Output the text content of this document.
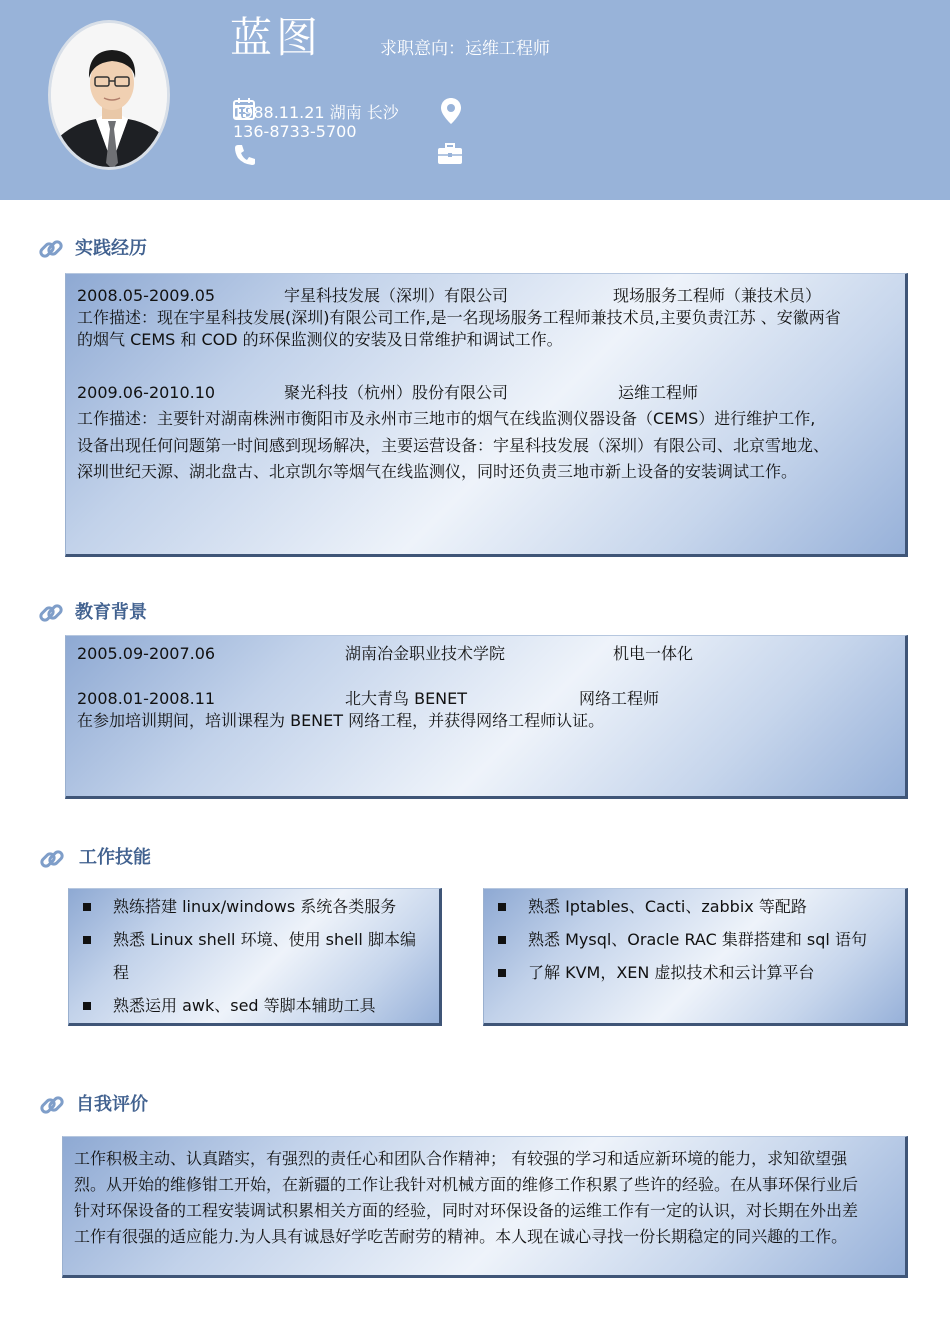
蓝图	求职意向：运维工程师
1988.11.21 湖南 长沙
136-8733-5700
实践经历
2008.05-2009.05	宇星科技发展（深圳）有限公司	现场服务工程师（兼技术员）
工作描述：现在宇星科技发展(深圳)有限公司工作,是一名现场服务工程师兼技术员,主要负责江苏 、安徽两省
的烟气 CEMS 和 COD 的环保监测仪的安装及日常维护和调试工作。
2009.06-2010.10	聚光科技（杭州）股份有限公司	运维工程师
工作描述：主要针对湖南株洲市衡阳市及永州市三地市的烟气在线监测仪器设备（CEMS）进行维护工作,
设备出现任何问题第一时间感到现场解决，主要运营设备：宇星科技发展（深圳）有限公司、北京雪地龙、
深圳世纪天源、湖北盘古、北京凯尔等烟气在线监测仪，同时还负责三地市新上设备的安装调试工作。
教育背景
2005.09-2007.06	湖南冶金职业技术学院	机电一体化
2008.01-2008.11	北大青鸟 BENET	网络工程师
在参加培训期间，培训课程为 BENET 网络工程，并获得网络工程师认证。
工作技能
熟练搭建 linux/windows 系统各类服务
熟悉 Linux shell 环境、使用 shell 脚本编
程
熟悉运用 awk、sed 等脚本辅助工具
熟悉 Iptables、Cacti、zabbix 等配路
熟悉 Mysql、Oracle RAC 集群搭建和 sql 语句
了解 KVM，XEN 虚拟技术和云计算平台
自我评价
工作积极主动、认真踏实，有强烈的责任心和团队合作精神； 有较强的学习和适应新环境的能力，求知欲望强
烈。从开始的维修钳工开始，在新疆的工作让我针对机械方面的维修工作积累了些许的经验。在从事环保行业后
针对环保设备的工程安装调试积累相关方面的经验，同时对环保设备的运维工作有一定的认识，对长期在外出差
工作有很强的适应能力.为人具有诚恳好学吃苦耐劳的精神。本人现在诚心寻找一份长期稳定的同兴趣的工作。
